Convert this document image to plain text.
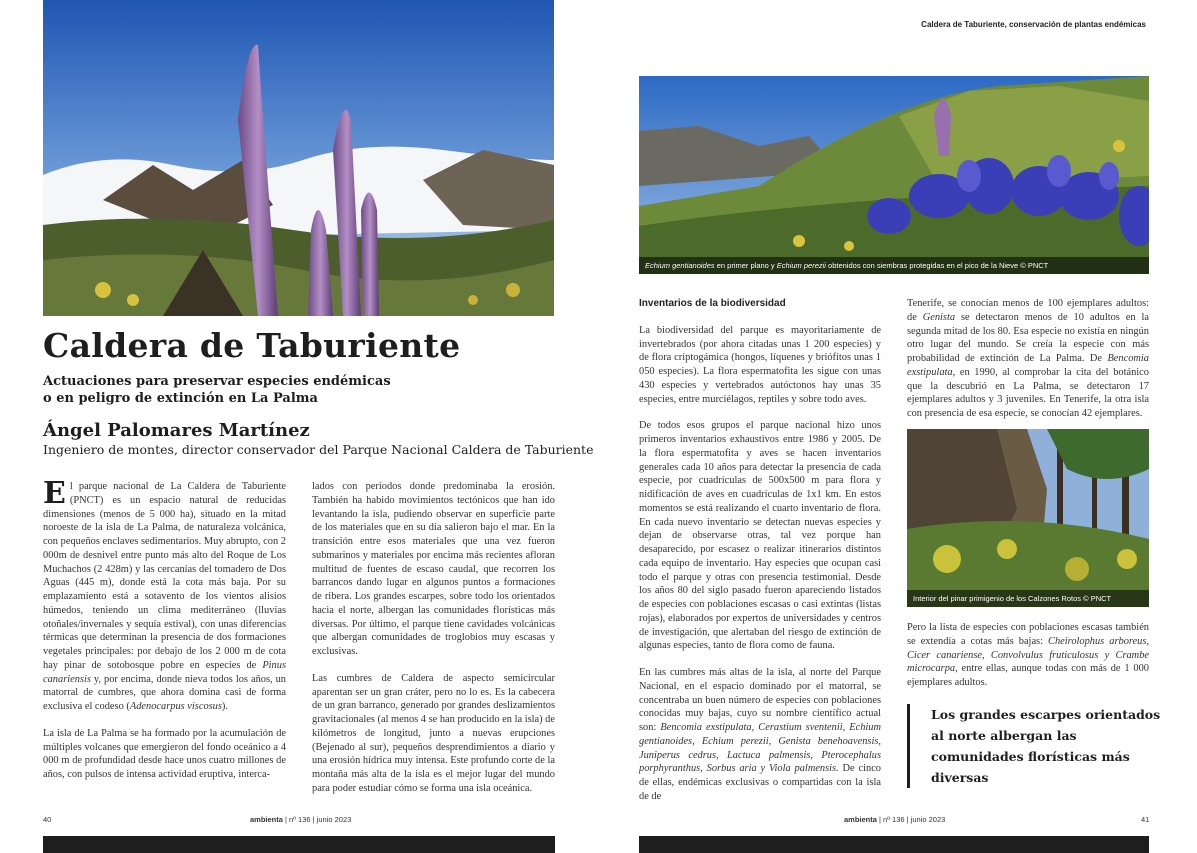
Caldera de Taburiente, conservación de plantas endémicas
Echium gentianoides en primer plano y Echium perezii obtenidos con siembras protegidas en el pico de la Nieve © PNCT
Interior del pinar primigenio de los Calzones Rotos © PNCT
Caldera de Taburiente
Actuaciones para preservar especies endémicas
o en peligro de extinción en La Palma
Ángel Palomares Martínez
Ingeniero de montes, director conservador del Parque Nacional Caldera de Taburiente

El parque nacional de La Caldera de Taburiente (PNCT) es un espacio natural de reducidas dimensiones (menos de 5 000 ha), situado en la mitad noroeste de la isla de La Palma, de naturaleza volcánica, con pequeños enclaves sedimentarios. Muy abrupto, con 2 000m de desnivel entre punto más alto del Roque de Los Muchachos (2 428m) y las cercanías del tomadero de Dos Aguas (445 m), donde está la cota más baja. Por su emplazamiento está a sotavento de los vientos alisios húmedos, teniendo un clima mediterráneo (lluvias otoñales/invernales y sequía estival), con unas diferencias térmicas que determinan la presencia de dos formaciones vegetales principales: por debajo de los 2 000 m de cota hay pinar de sotobosque pobre en especies de Pinus canariensis y, por encima, donde nieva todos los años, un matorral de cumbres, que ahora domina casi de forma exclusiva el codeso (Adenocarpus viscosus).

La isla de La Palma se ha formado por la acumulación de múltiples volcanes que emergieron del fondo oceánico a 4 000 m de profundidad desde hace unos cuatro millones de años, con pulsos de intensa actividad eruptiva, interca-

lados con periodos donde predominaba la erosión. También ha habido movimientos tectónicos que han ido levantando la isla, pudiendo observar en superficie parte de los materiales que en su día salieron bajo el mar. En la transición entre esos materiales que una vez fueron submarinos y materiales por encima más recientes afloran multitud de fuentes de escaso caudal, que recorren los barrancos dando lugar en algunos puntos a formaciones de ribera. Los grandes escarpes, sobre todo los orientados hacia el norte, albergan las comunidades florísticas más diversas. Por último, el parque tiene cavidades volcánicas que albergan comunidades de troglobios muy escasas y exclusivas.

Las cumbres de Caldera de aspecto semicircular aparentan ser un gran cráter, pero no lo es. Es la cabecera de un gran barranco, generado por grandes deslizamientos gravitacionales (al menos 4 se han producido en la isla) de kilómetros de longitud, junto a nuevas erupciones (Bejenado al sur), pequeños desprendimientos a diario y una erosión hídrica muy intensa. Este profundo corte de la montaña más alta de la isla es el mejor lugar del mundo para poder estudiar cómo se forma una isla oceánica.

Inventarios de la biodiversidad

La biodiversidad del parque es mayoritariamente de invertebrados (por ahora citadas unas 1 200 especies) y de flora criptogámica (hongos, líquenes y briófitos unas 1 050 especies). La flora espermatofita les sigue con unas 430 especies y vertebrados autóctonos hay unas 35 especies, entre murciélagos, reptiles y sobre todo aves.

De todos esos grupos el parque nacional hizo unos primeros inventarios exhaustivos entre 1986 y 2005. De la flora espermatofita y aves se hacen inventarios generales cada 10 años para detectar la presencia de cada especie, por cuadrículas de 500x500 m para flora y nidificación de aves en cuadrículas de 1x1 km. En estos momentos se está realizando el cuarto inventario de flora. En cada nuevo inventario se detectan nuevas especies y dejan de observarse otras, tal vez porque han desaparecido, por escasez o realizar itinerarios distintos cada equipo de inventario. Hay especies que ocupan casi todo el parque y otras con presencia testimonial. Desde los años 80 del siglo pasado fueron apareciendo listados de especies con poblaciones escasas o casi extintas (listas rojas), elaborados por expertos de universidades y centros de investigación, que alertaban del riesgo de extinción de algunas especies, tanto de flora como de fauna.

En las cumbres más altas de la isla, al norte del Parque Nacional, en el espacio dominado por el matorral, se concentraba un buen número de especies con poblaciones conocidas muy bajas, cuyo su nombre científico actual son: Bencomia exstipulata, Cerastium sventenii, Echium gentianoides, Echium perezii, Genista benehoavensis, Juniperus cedrus, Lactuca palmensis, Pterocephalus porphyranthus, Sorbus aria y Viola palmensis. De cinco de ellas, endémicas exclusivas o compartidas con la isla de de

Tenerife, se conocían menos de 100 ejemplares adultos: de Genista se detectaron menos de 10 adultos en la segunda mitad de los 80. Esa especie no existía en ningún otro lugar del mundo. Se creía la especie con más probabilidad de extinción de La Palma. De Bencomia exstipulata, en 1990, al comprobar la cita del botánico que la descubrió en La Palma, se detectaron 17 ejemplares adultos y 3 juveniles. En Tenerife, la otra isla con presencia de esa especie, se conocían 42 ejemplares.

Pero la lista de especies con poblaciones escasas también se extendía a cotas más bajas: Cheirolophus arboreus, Cicer canariense, Convolvulus fruticulosus y Crambe microcarpa, entre ellas, aunque todas con más de 1 000 ejemplares adultos.

Los grandes escarpes orientados al norte albergan las comunidades florísticas más diversas
40	ambienta | nº 136 | junio 2023	ambienta | nº 136 | junio 2023	41
